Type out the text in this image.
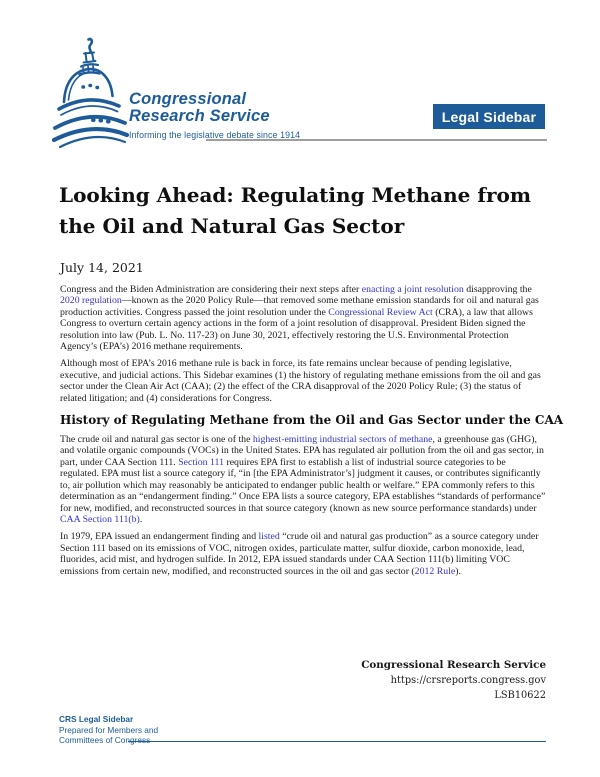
Congressional
Research Service
Informing the legislative debate since 1914
Legal Sidebar
Looking Ahead: Regulating Methane from the Oil and Natural Gas Sector
July 14, 2021

Congress and the Biden Administration are considering their next steps after enacting a joint resolution disapproving the 2020 regulation—known as the 2020 Policy Rule—that removed some methane emission standards for oil and natural gas production activities. Congress passed the joint resolution under the Congressional Review Act (CRA), a law that allows Congress to overturn certain agency actions in the form of a joint resolution of disapproval. President Biden signed the resolution into law (Pub. L. No. 117-23) on June 30, 2021, effectively restoring the U.S. Environmental Protection Agency’s (EPA’s) 2016 methane requirements.

Although most of EPA’s 2016 methane rule is back in force, its fate remains unclear because of pending legislative, executive, and judicial actions. This Sidebar examines (1) the history of regulating methane emissions from the oil and gas sector under the Clean Air Act (CAA); (2) the effect of the CRA disapproval of the 2020 Policy Rule; (3) the status of related litigation; and (4) considerations for Congress.

History of Regulating Methane from the Oil and Gas Sector under the CAA

The crude oil and natural gas sector is one of the highest-emitting industrial sectors of methane, a greenhouse gas (GHG), and volatile organic compounds (VOCs) in the United States. EPA has regulated air pollution from the oil and gas sector, in part, under CAA Section 111. Section 111 requires EPA first to establish a list of industrial source categories to be regulated. EPA must list a source category if, “in [the EPA Administrator’s] judgment it causes, or contributes significantly to, air pollution which may reasonably be anticipated to endanger public health or welfare.” EPA commonly refers to this determination as an “endangerment finding.” Once EPA lists a source category, EPA establishes “standards of performance” for new, modified, and reconstructed sources in that source category (known as new source performance standards) under CAA Section 111(b).

In 1979, EPA issued an endangerment finding and listed “crude oil and natural gas production” as a source category under Section 111 based on its emissions of VOC, nitrogen oxides, particulate matter, sulfur dioxide, carbon monoxide, lead, fluorides, acid mist, and hydrogen sulfide. In 2012, EPA issued standards under CAA Section 111(b) limiting VOC emissions from certain new, modified, and reconstructed sources in the oil and gas sector (2012 Rule).

Congressional Research Service
https://crsreports.congress.gov
LSB10622
CRS Legal Sidebar
Prepared for Members and
Committees of Congress
